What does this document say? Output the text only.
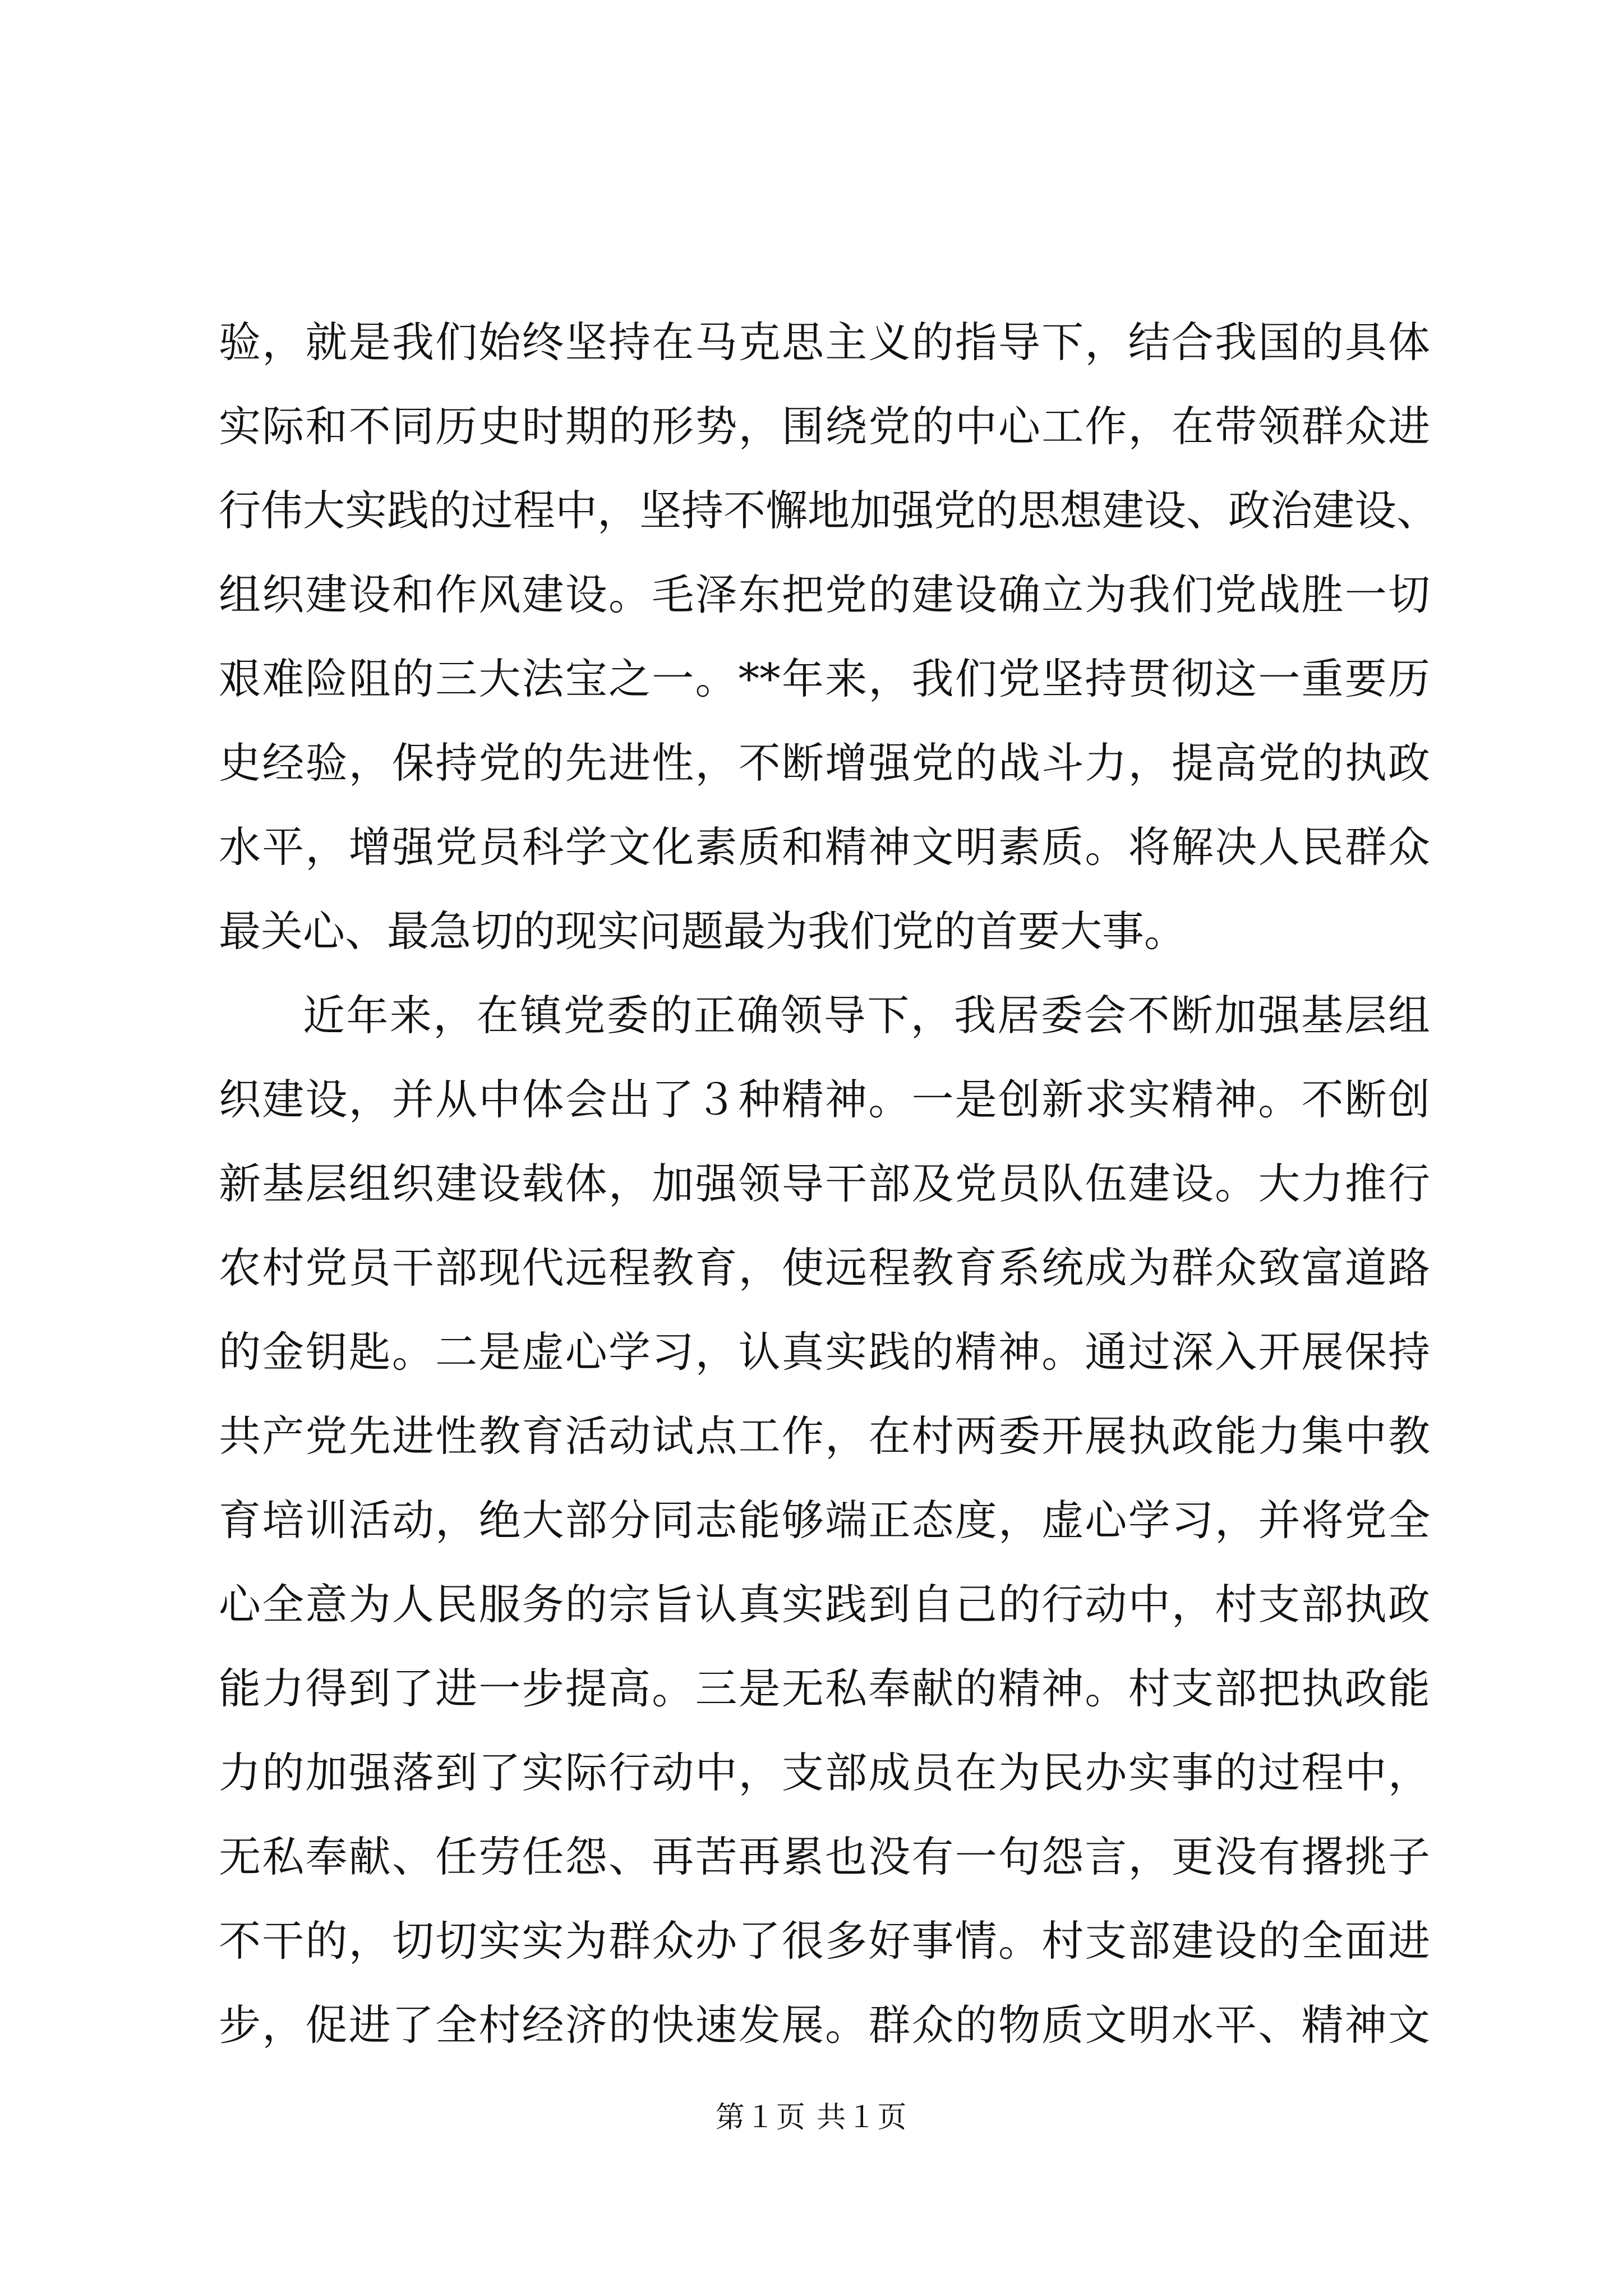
验，就是我们始终坚持在马克思主义的指导下，结合我国的具体
实际和不同历史时期的形势，围绕党的中心工作，在带领群众进
行伟大实践的过程中，坚持不懈地加强党的思想建设、政治建设、
组织建设和作风建设。毛泽东把党的建设确立为我们党战胜一切
艰难险阻的三大法宝之一。**年来，我们党坚持贯彻这一重要历
史经验，保持党的先进性，不断增强党的战斗力，提高党的执政
水平，增强党员科学文化素质和精神文明素质。将解决人民群众
最关心、最急切的现实问题最为我们党的首要大事。
近年来，在镇党委的正确领导下，我居委会不断加强基层组
织建设，并从中体会出了３种精神。一是创新求实精神。不断创
新基层组织建设载体，加强领导干部及党员队伍建设。大力推行
农村党员干部现代远程教育，使远程教育系统成为群众致富道路
的金钥匙。二是虚心学习，认真实践的精神。通过深入开展保持
共产党先进性教育活动试点工作，在村两委开展执政能力集中教
育培训活动，绝大部分同志能够端正态度，虚心学习，并将党全
心全意为人民服务的宗旨认真实践到自己的行动中，村支部执政
能力得到了进一步提高。三是无私奉献的精神。村支部把执政能
力的加强落到了实际行动中，支部成员在为民办实事的过程中，
无私奉献、任劳任怨、再苦再累也没有一句怨言，更没有撂挑子
不干的，切切实实为群众办了很多好事情。村支部建设的全面进
步，促进了全村经济的快速发展。群众的物质文明水平、精神文
第１页 共１页
